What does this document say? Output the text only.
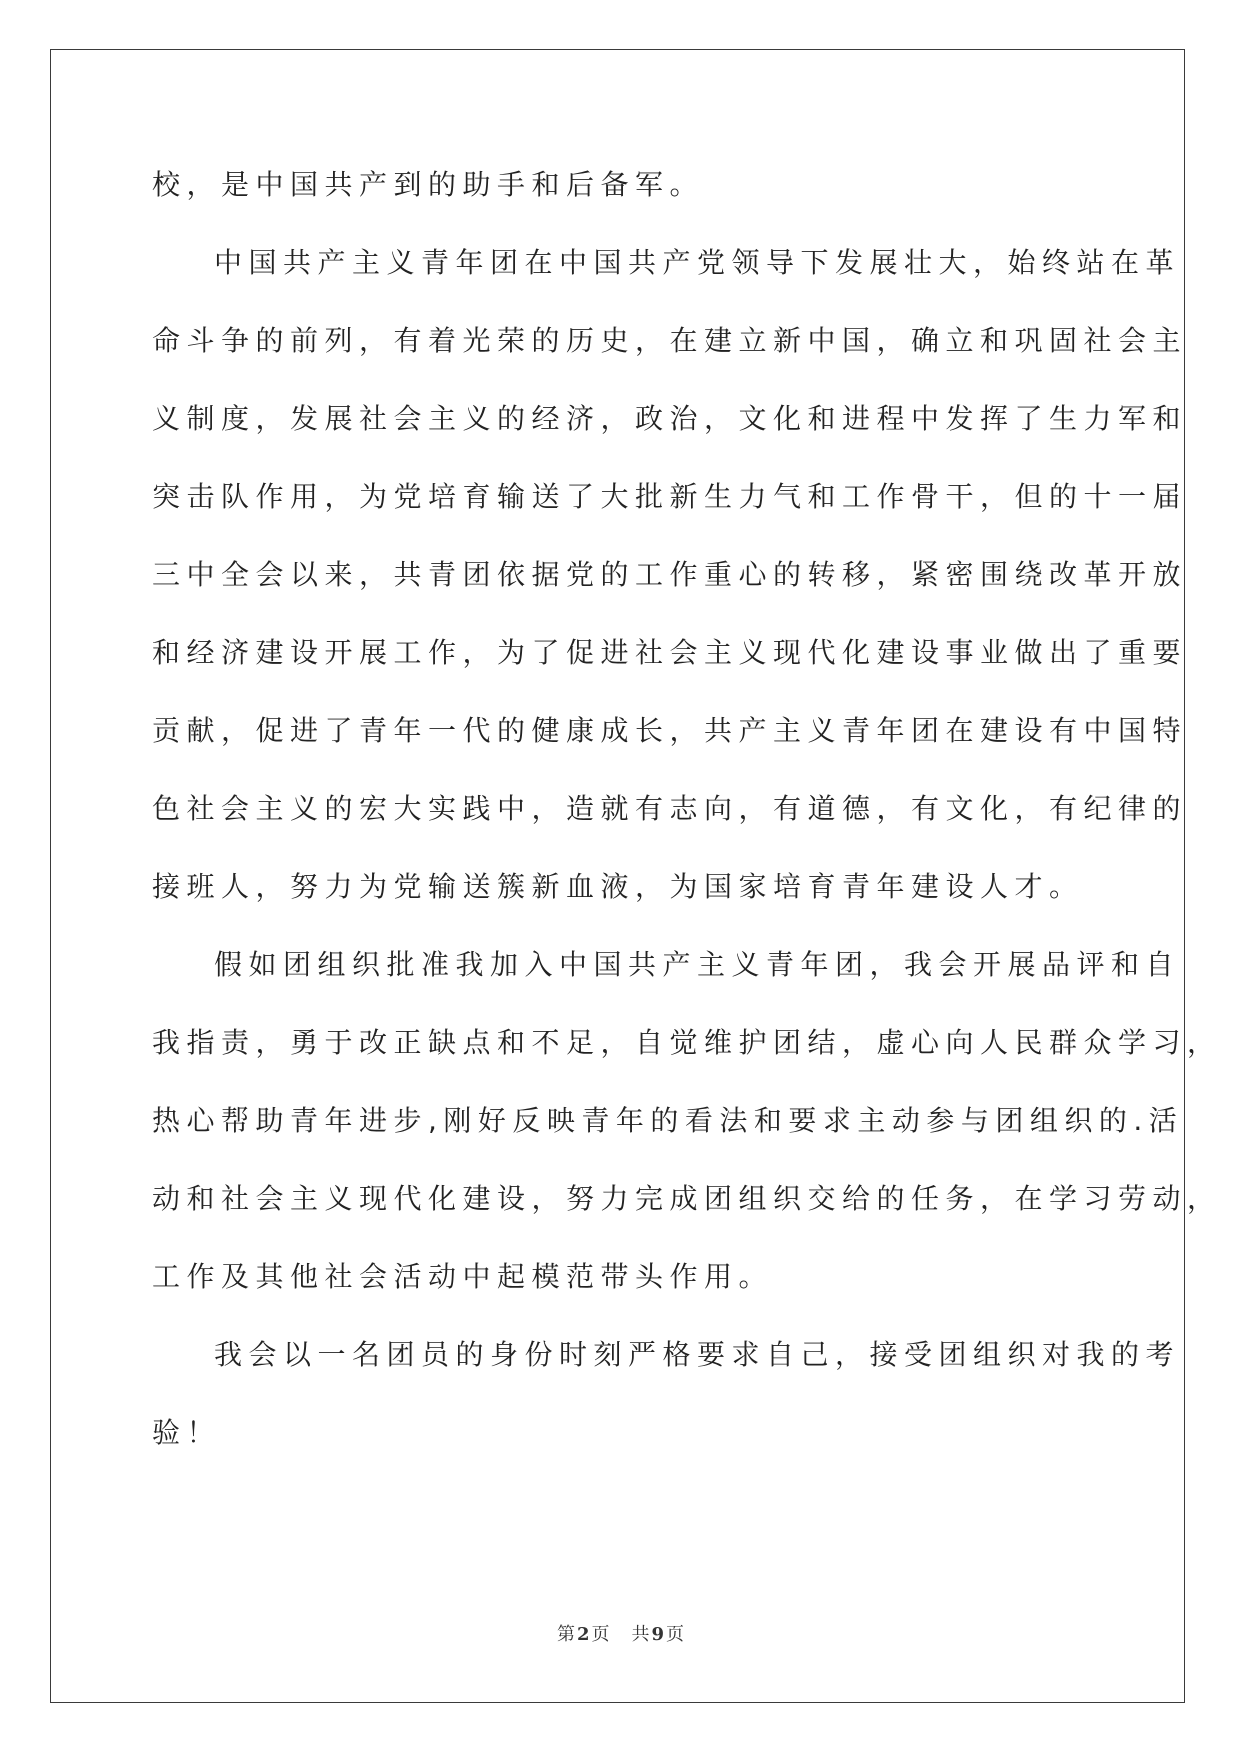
校，是中国共产到的助手和后备军。
中国共产主义青年团在中国共产党领导下发展壮大，始终站在革
命斗争的前列，有着光荣的历史，在建立新中国，确立和巩固社会主
义制度，发展社会主义的经济，政治，文化和进程中发挥了生力军和
突击队作用，为党培育输送了大批新生力气和工作骨干，但的十一届
三中全会以来，共青团依据党的工作重心的转移，紧密围绕改革开放
和经济建设开展工作，为了促进社会主义现代化建设事业做出了重要
贡献，促进了青年一代的健康成长，共产主义青年团在建设有中国特
色社会主义的宏大实践中，造就有志向，有道德，有文化，有纪律的
接班人，努力为党输送簇新血液，为国家培育青年建设人才。
假如团组织批准我加入中国共产主义青年团，我会开展品评和自
我指责，勇于改正缺点和不足，自觉维护团结，虚心向人民群众学习，
热心帮助青年进步,刚好反映青年的看法和要求主动参与团组织的.活
动和社会主义现代化建设，努力完成团组织交给的任务，在学习劳动，
工作及其他社会活动中起模范带头作用。
我会以一名团员的身份时刻严格要求自己，接受团组织对我的考
验！
第 2 页 共 9 页
